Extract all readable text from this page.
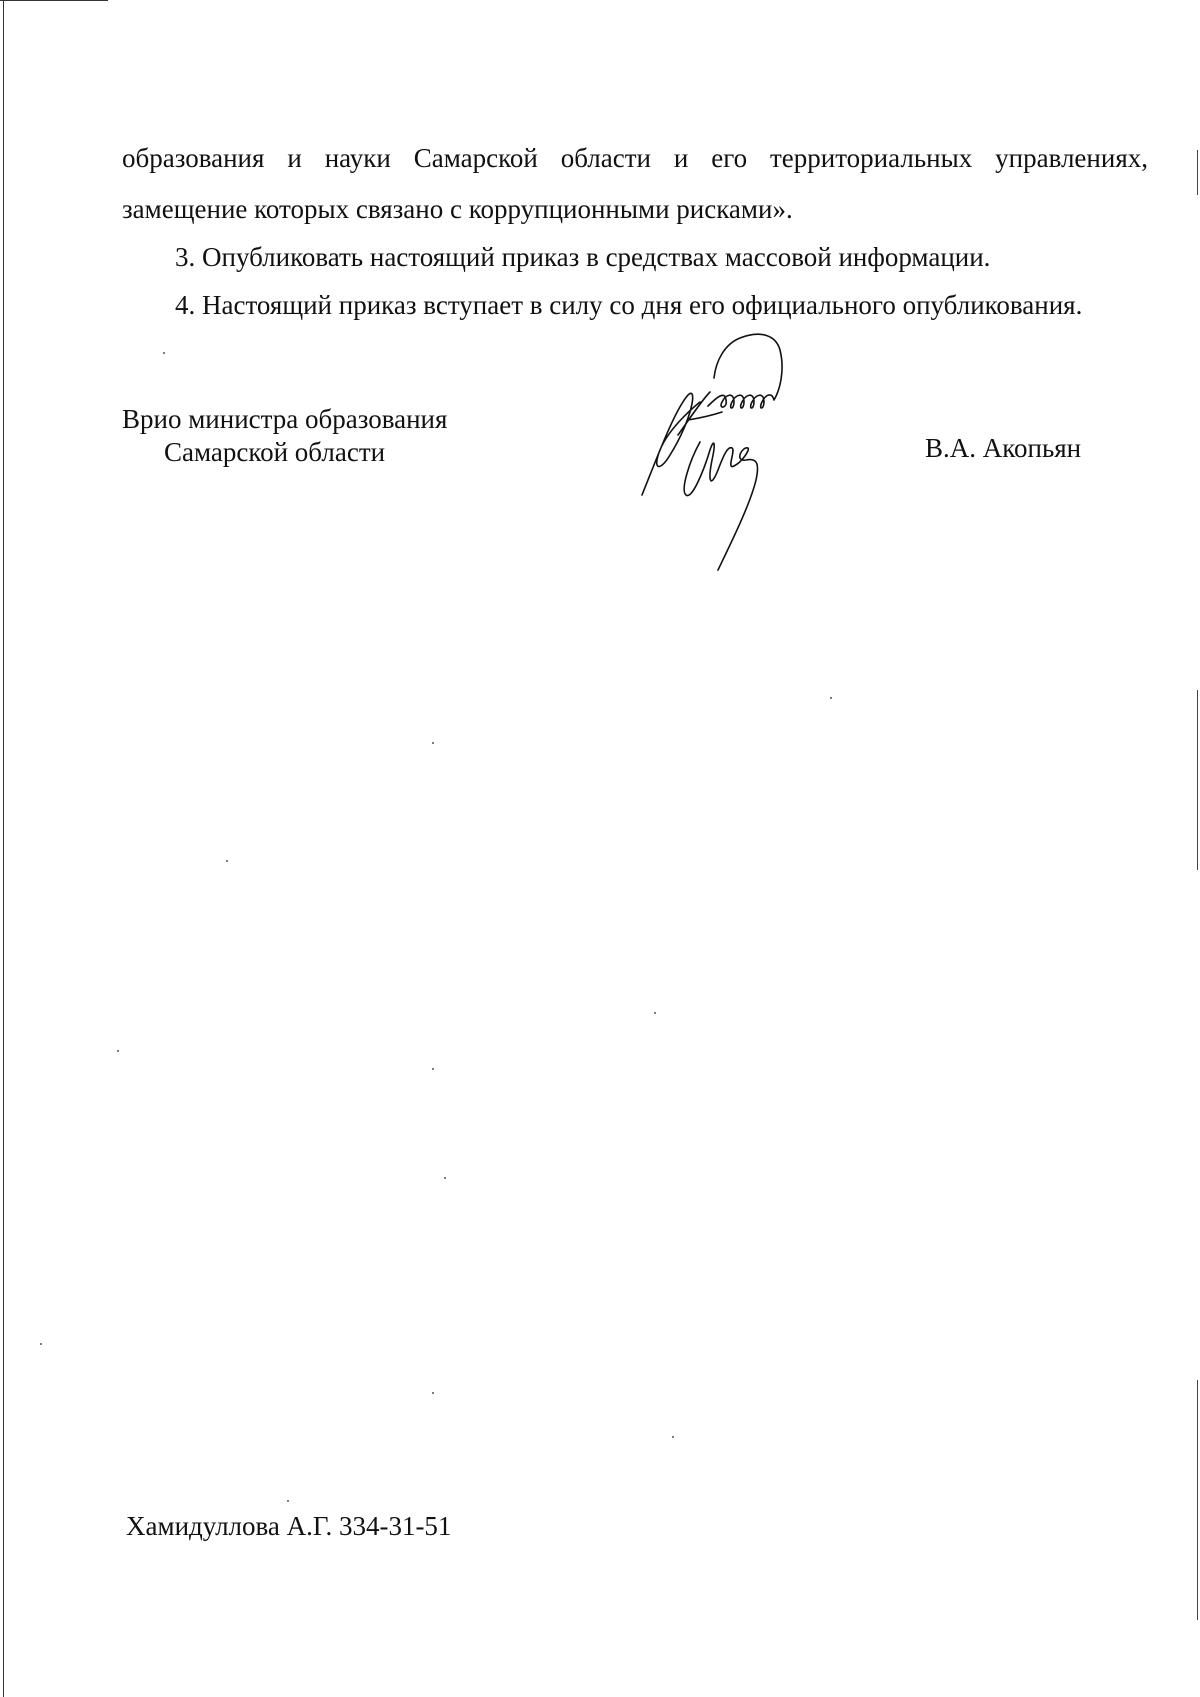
образования и науки Самарской области и его территориальных управлениях,

замещение которых связано с коррупционными рисками».

3. Опубликовать настоящий приказ в средствах массовой информации.

4. Настоящий приказ вступает в силу со дня его официального опубликования.

Врио министра образования
Самарской области	В.А. Акопьян
Хамидуллова А.Г. 334-31-51
